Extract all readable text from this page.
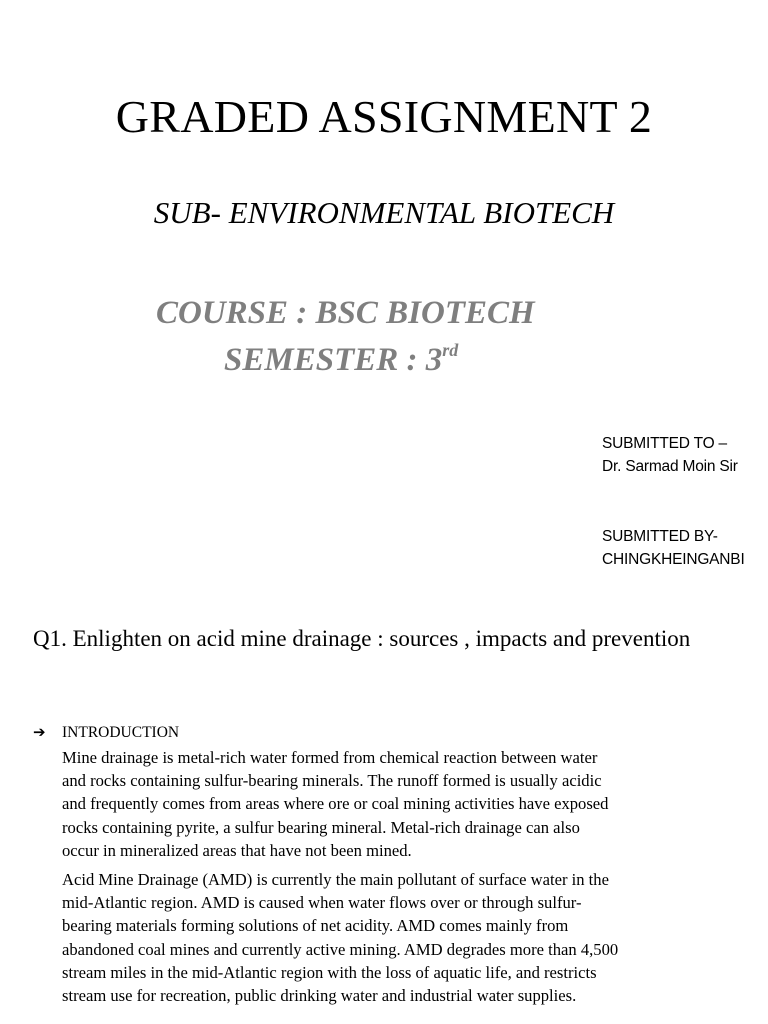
GRADED ASSIGNMENT 2
SUB- ENVIRONMENTAL BIOTECH
COURSE : BSC BIOTECH
SEMESTER : 3rd
SUBMITTED TO –
Dr. Sarmad Moin Sir
SUBMITTED BY-
CHINGKHEINGANBI
Q1. Enlighten on acid mine drainage : sources , impacts and prevention
➔ INTRODUCTION

Mine drainage is metal-rich water formed from chemical reaction between water
and rocks containing sulfur-bearing minerals. The runoff formed is usually acidic
and frequently comes from areas where ore or coal mining activities have exposed
rocks containing pyrite, a sulfur bearing mineral. Metal-rich drainage can also
occur in mineralized areas that have not been mined.

Acid Mine Drainage (AMD) is currently the main pollutant of surface water in the
mid-Atlantic region. AMD is caused when water flows over or through sulfur-
bearing materials forming solutions of net acidity. AMD comes mainly from
abandoned coal mines and currently active mining. AMD degrades more than 4,500
stream miles in the mid-Atlantic region with the loss of aquatic life, and restricts
stream use for recreation, public drinking water and industrial water supplies.
